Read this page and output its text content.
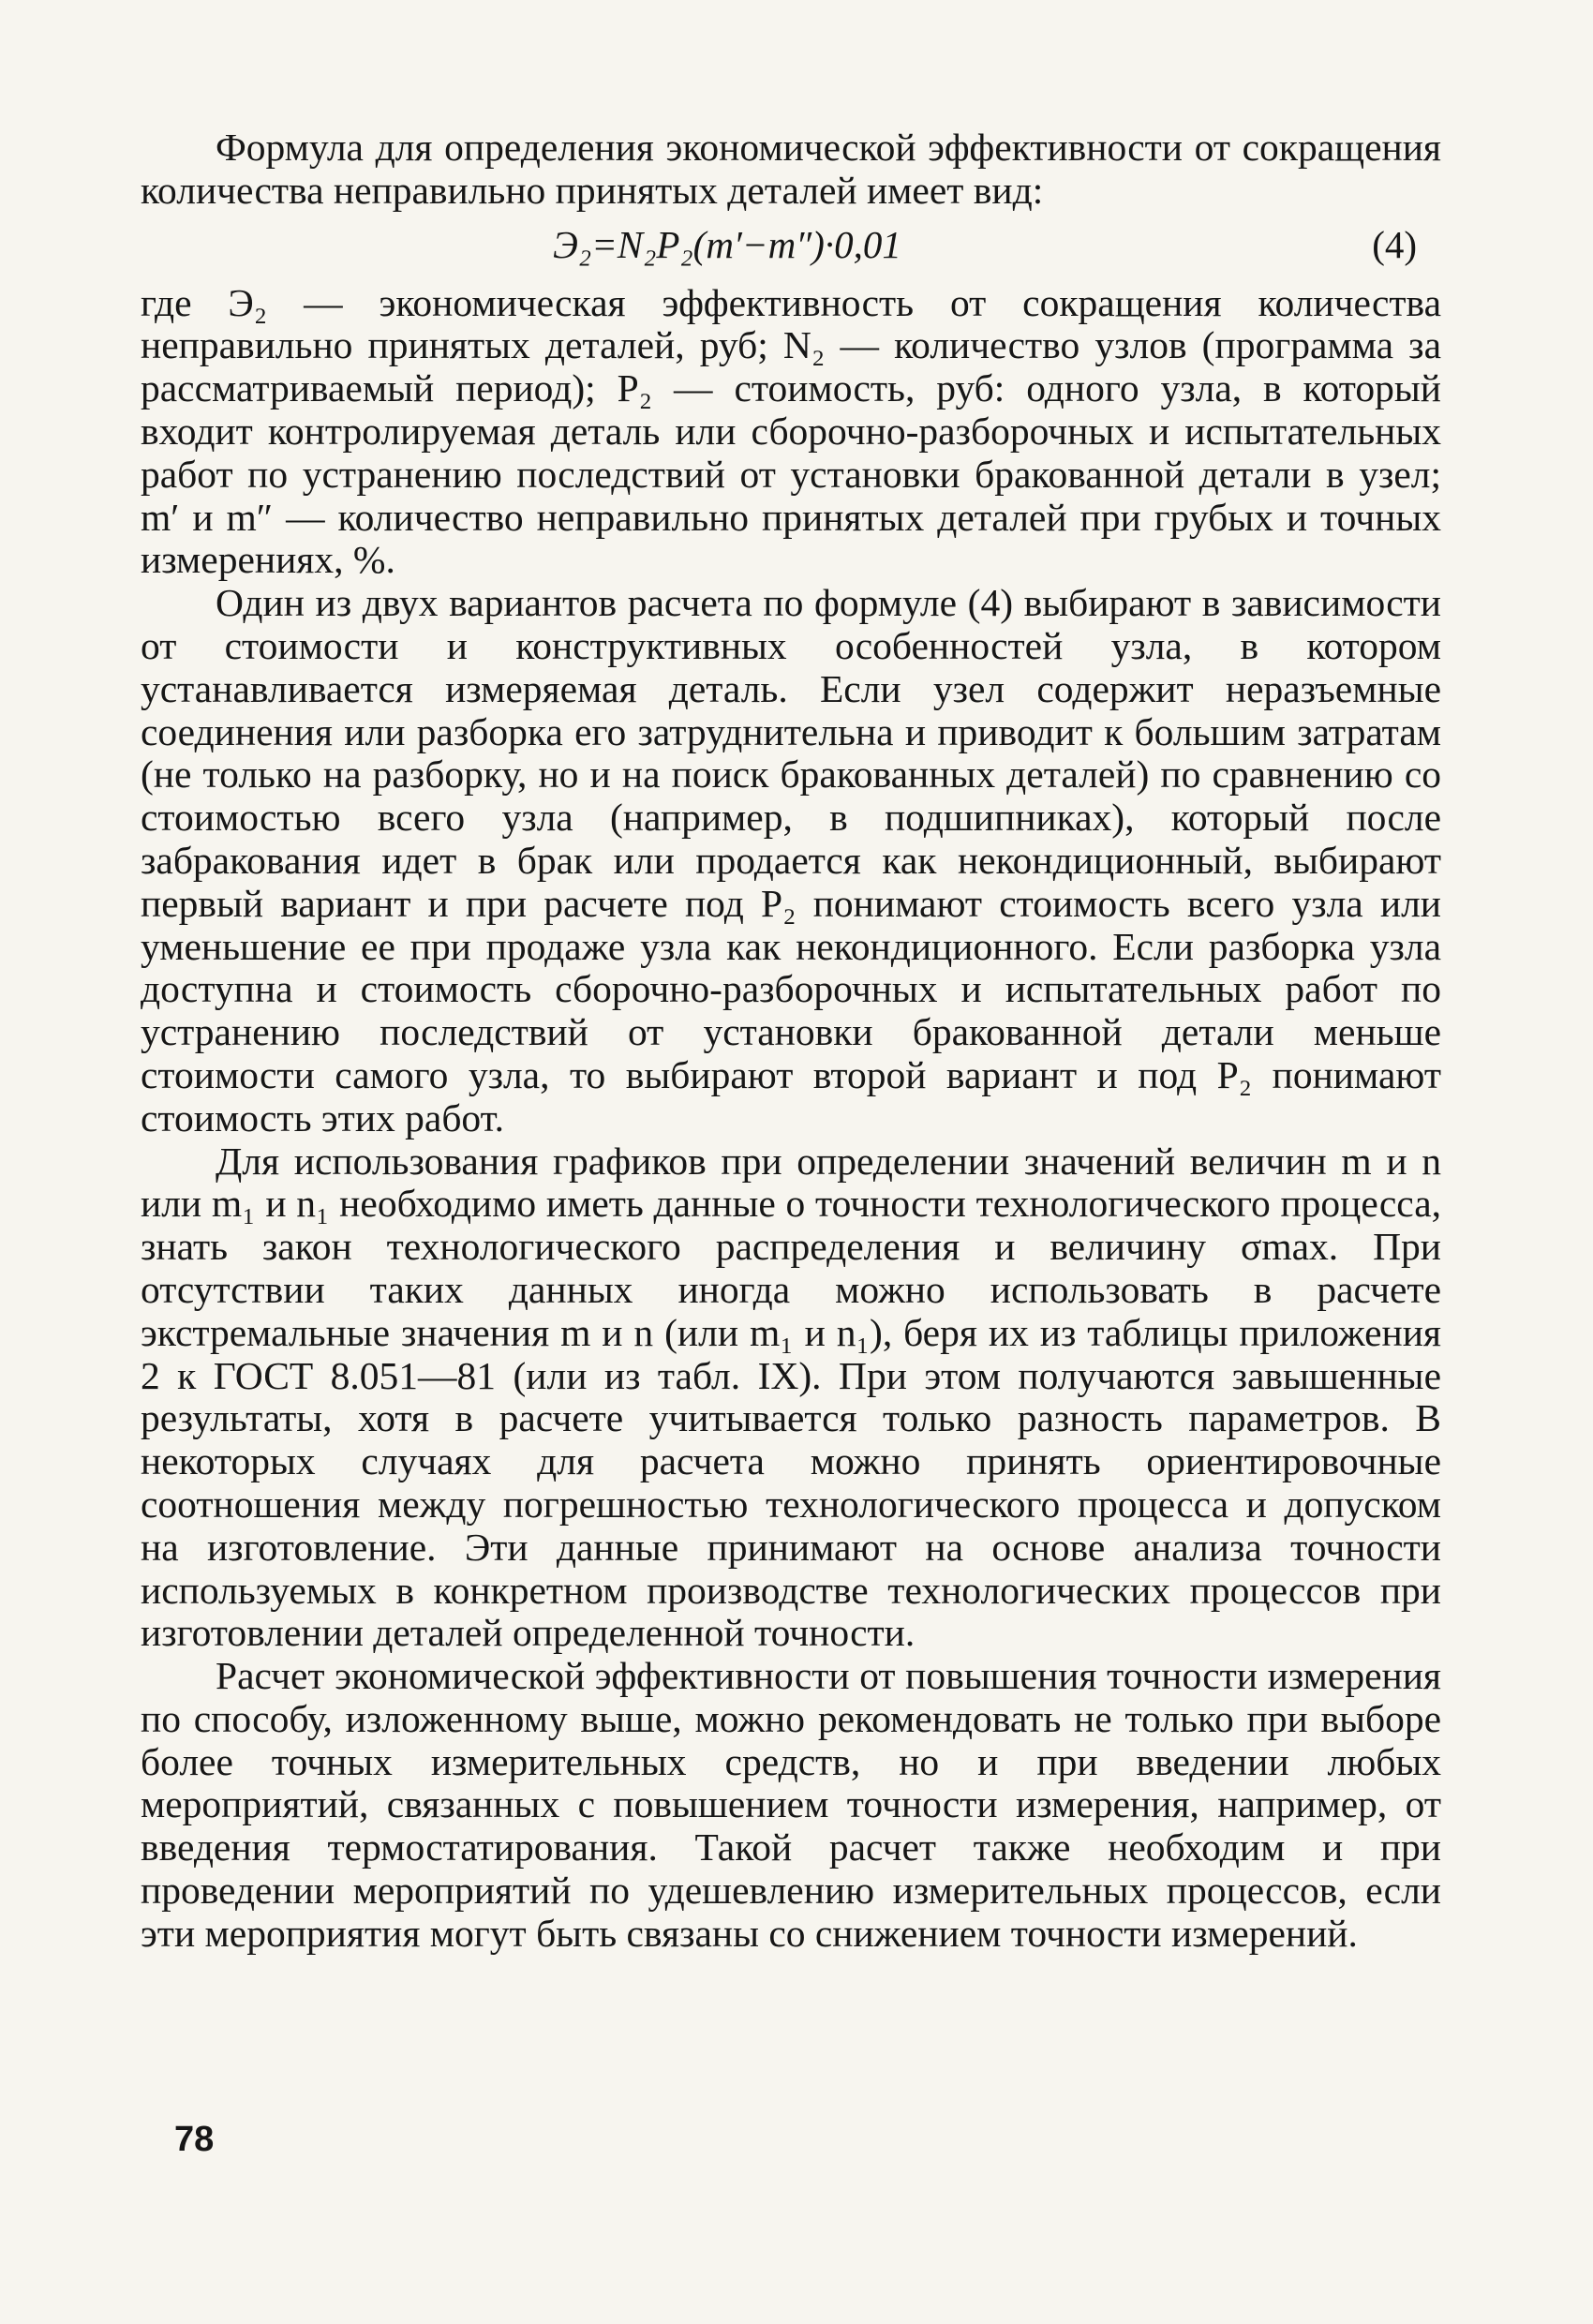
Формула для определения экономической эффективности от сокращения количества неправильно принятых деталей имеет вид:

Э₂=N₂P₂(m′−m″)·0,01	(4)

где Э₂ — экономическая эффективность от сокращения количества неправильно принятых деталей, руб; N₂ — количество узлов (программа за рассматриваемый период); P₂ — стоимость, руб: одного узла, в который входит контролируемая деталь или сборочно-разборочных и испытательных работ по устранению последствий от установки бракованной детали в узел; m′ и m″ — количество неправильно принятых деталей при грубых и точных измерениях, %.

Один из двух вариантов расчета по формуле (4) выбирают в зависимости от стоимости и конструктивных особенностей узла, в котором устанавливается измеряемая деталь. Если узел содержит неразъемные соединения или разборка его затруднительна и приводит к большим затратам (не только на разборку, но и на поиск бракованных деталей) по сравнению со стоимостью всего узла (например, в подшипниках), который после забракования идет в брак или продается как некондиционный, выбирают первый вариант и при расчете под P₂ понимают стоимость всего узла или уменьшение ее при продаже узла как некондиционного. Если разборка узла доступна и стоимость сборочно-разборочных и испытательных работ по устранению последствий от установки бракованной детали меньше стоимости самого узла, то выбирают второй вариант и под P₂ понимают стоимость этих работ.

Для использования графиков при определении значений величин m и n или m₁ и n₁ необходимо иметь данные о точности технологического процесса, знать закон технологического распределения и величину σmax. При отсутствии таких данных иногда можно использовать в расчете экстремальные значения m и n (или m₁ и n₁), беря их из таблицы приложения 2 к ГОСТ 8.051—81 (или из табл. IX). При этом получаются завышенные результаты, хотя в расчете учитывается только разность параметров. В некоторых случаях для расчета можно принять ориентировочные соотношения между погрешностью технологического процесса и допуском на изготовление. Эти данные принимают на основе анализа точности используемых в конкретном производстве технологических процессов при изготовлении деталей определенной точности.

Расчет экономической эффективности от повышения точности измерения по способу, изложенному выше, можно рекомендовать не только при выборе более точных измерительных средств, но и при введении любых мероприятий, связанных с повышением точности измерения, например, от введения термостатирования. Такой расчет также необходим и при проведении мероприятий по удешевлению измерительных процессов, если эти мероприятия могут быть связаны со снижением точности измерений.

78
